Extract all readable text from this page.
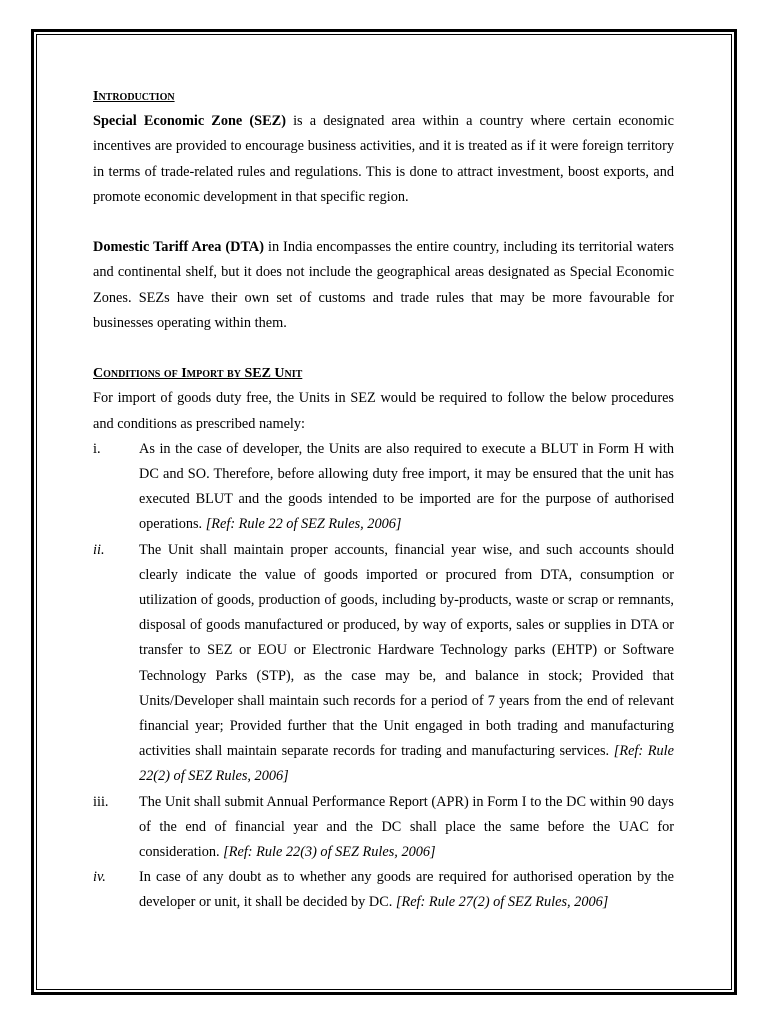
Introduction

Special Economic Zone (SEZ) is a designated area within a country where certain economic incentives are provided to encourage business activities, and it is treated as if it were foreign territory in terms of trade-related rules and regulations. This is done to attract investment, boost exports, and promote economic development in that specific region.

Domestic Tariff Area (DTA) in India encompasses the entire country, including its territorial waters and continental shelf, but it does not include the geographical areas designated as Special Economic Zones. SEZs have their own set of customs and trade rules that may be more favourable for businesses operating within them.

Conditions of Import by SEZ Unit

For import of goods duty free, the Units in SEZ would be required to follow the below procedures and conditions as prescribed namely:

i.	As in the case of developer, the Units are also required to execute a BLUT in Form H with DC and SO. Therefore, before allowing duty free import, it may be ensured that the unit has executed BLUT and the goods intended to be imported are for the purpose of authorised operations. [Ref: Rule 22 of SEZ Rules, 2006]
ii.	The Unit shall maintain proper accounts, financial year wise, and such accounts should clearly indicate the value of goods imported or procured from DTA, consumption or utilization of goods, production of goods, including by-products, waste or scrap or remnants, disposal of goods manufactured or produced, by way of exports, sales or supplies in DTA or transfer to SEZ or EOU or Electronic Hardware Technology parks (EHTP) or Software Technology Parks (STP), as the case may be, and balance in stock; Provided that Units/Developer shall maintain such records for a period of 7 years from the end of relevant financial year; Provided further that the Unit engaged in both trading and manufacturing activities shall maintain separate records for trading and manufacturing services. [Ref: Rule 22(2) of SEZ Rules, 2006]
iii.	The Unit shall submit Annual Performance Report (APR) in Form I to the DC within 90 days of the end of financial year and the DC shall place the same before the UAC for consideration. [Ref: Rule 22(3) of SEZ Rules, 2006]
iv.	In case of any doubt as to whether any goods are required for authorised operation by the developer or unit, it shall be decided by DC. [Ref: Rule 27(2) of SEZ Rules, 2006]
